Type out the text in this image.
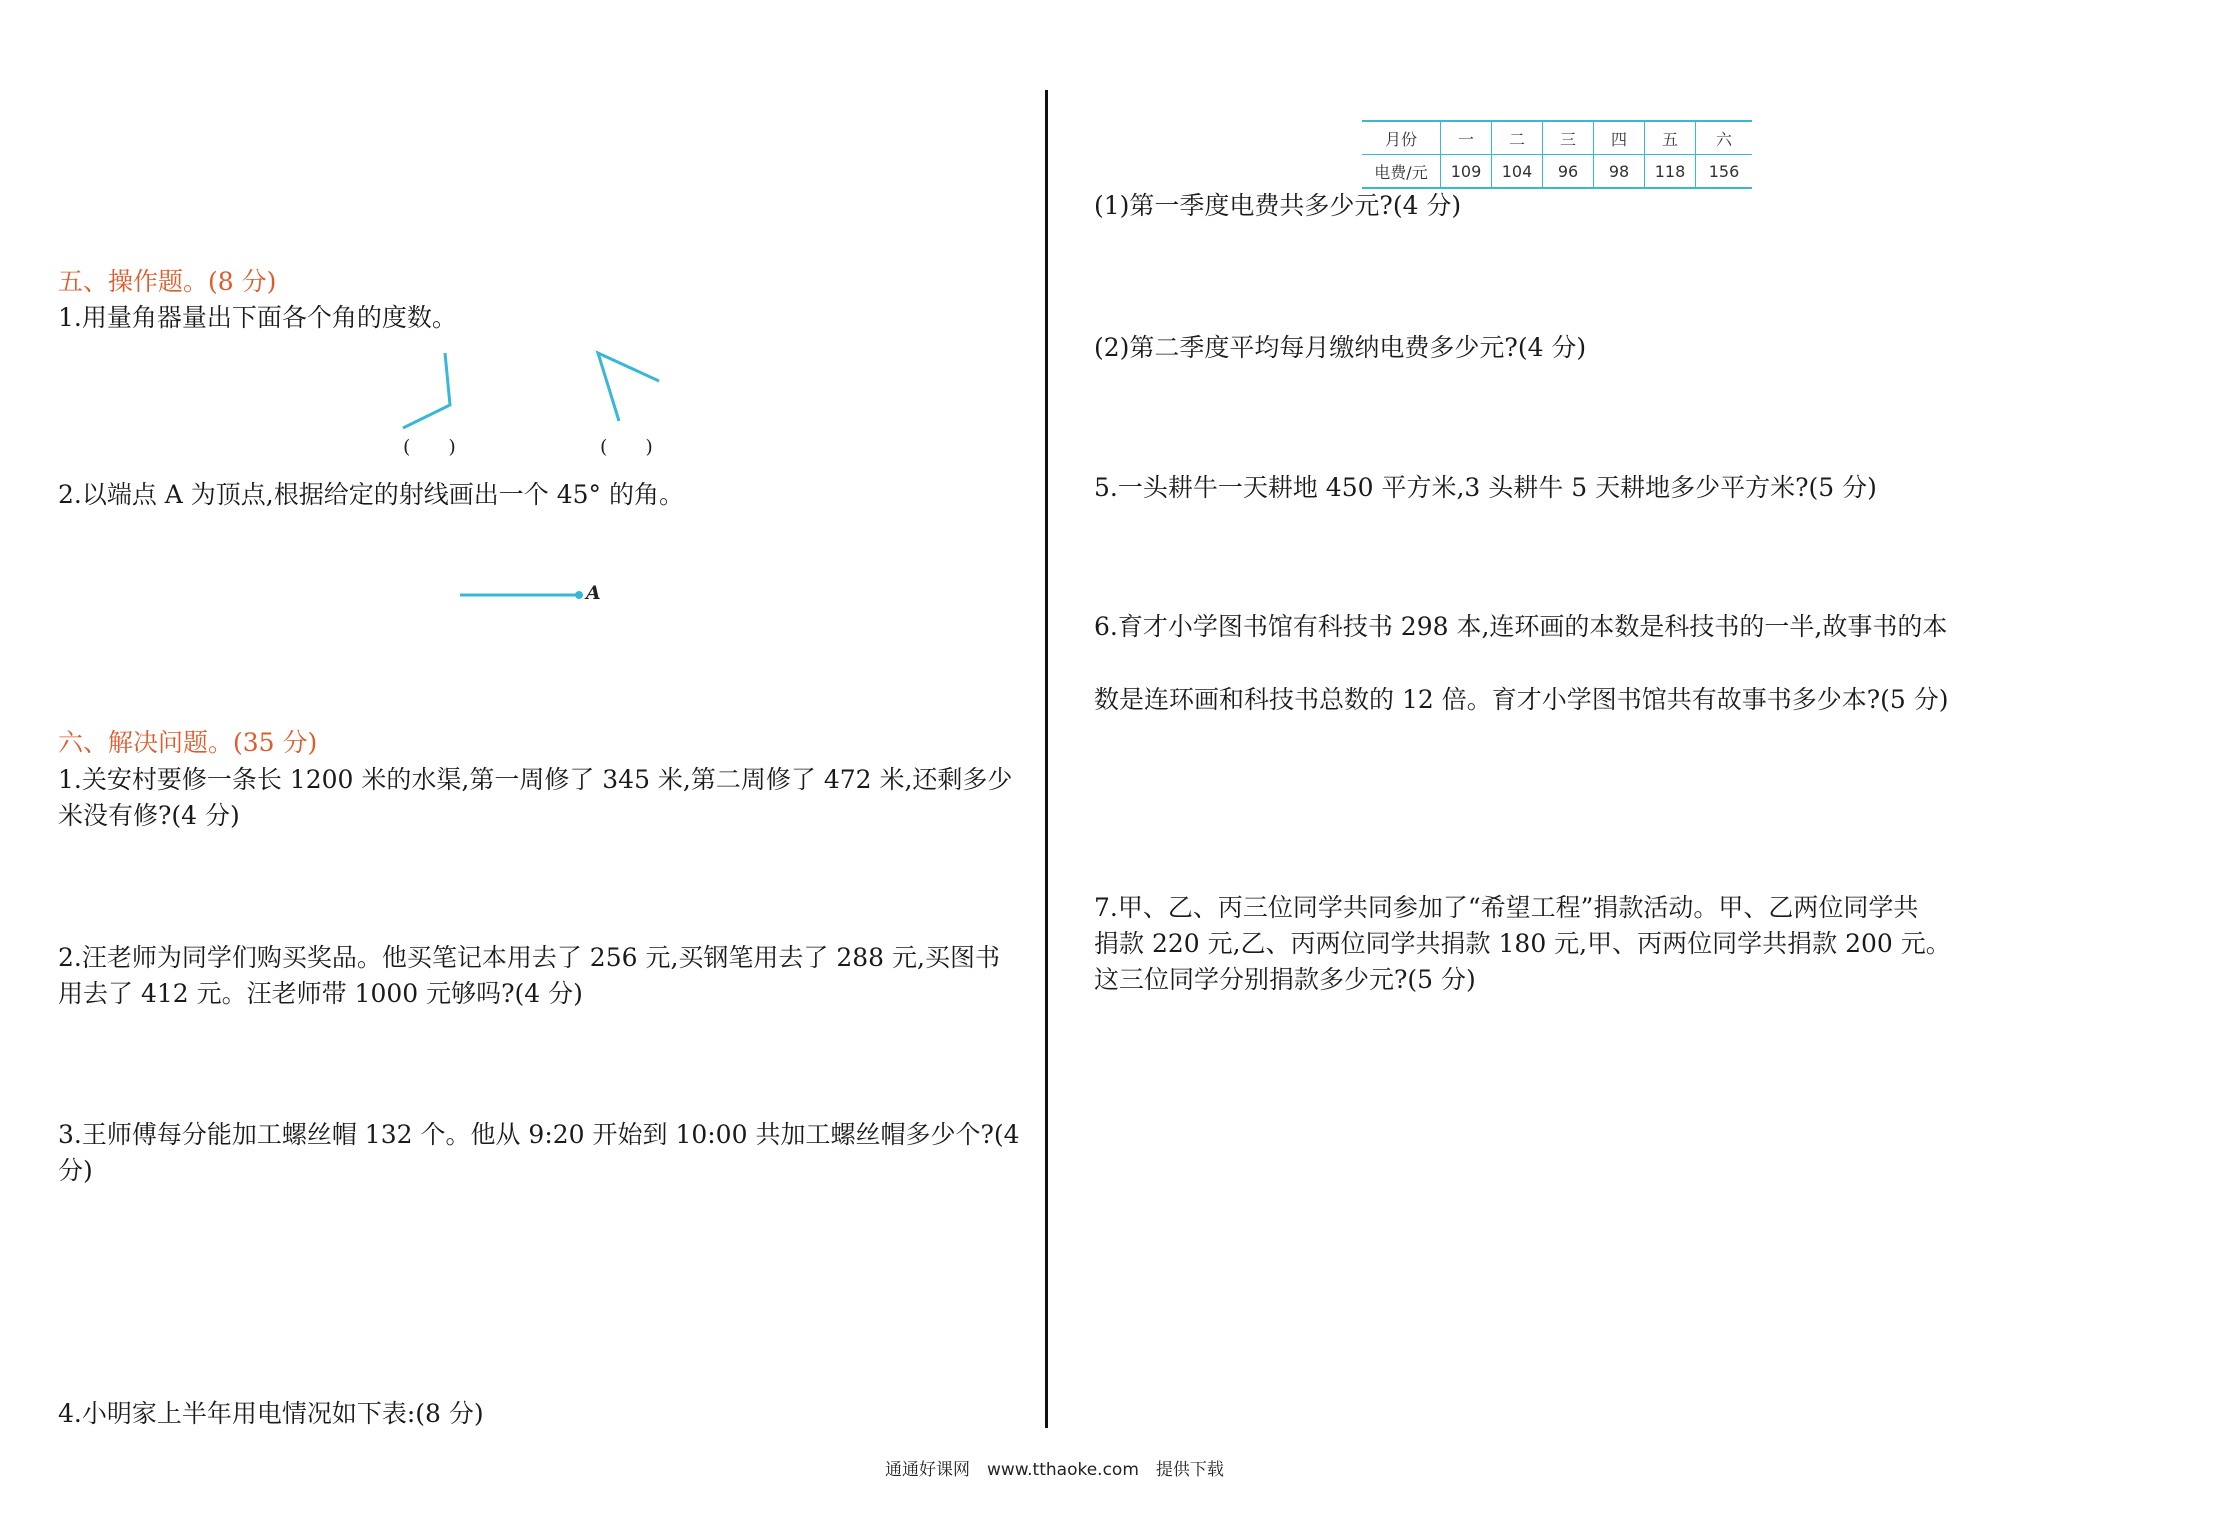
五、操作题。(8 分)
1.用量角器量出下面各个角的度数。
(　　)	(　　)
2.以端点 A 为顶点,根据给定的射线画出一个 45° 的角。
A
六、解决问题。(35 分)
1.关安村要修一条长 1200 米的水渠,第一周修了 345 米,第二周修了 472 米,还剩多少
米没有修?(4 分)
2.汪老师为同学们购买奖品。他买笔记本用去了 256 元,买钢笔用去了 288 元,买图书
用去了 412 元。汪老师带 1000 元够吗?(4 分)
3.王师傅每分能加工螺丝帽 132 个。他从 9:20 开始到 10:00 共加工螺丝帽多少个?(4
分)
4.小明家上半年用电情况如下表:(8 分)
月份	一	二	三	四	五	六
电费/元	109	104	96	98	118	156
(1)第一季度电费共多少元?(4 分)
(2)第二季度平均每月缴纳电费多少元?(4 分)
5.一头耕牛一天耕地 450 平方米,3 头耕牛 5 天耕地多少平方米?(5 分)
6.育才小学图书馆有科技书 298 本,连环画的本数是科技书的一半,故事书的本
数是连环画和科技书总数的 12 倍。育才小学图书馆共有故事书多少本?(5 分)
7.甲、乙、丙三位同学共同参加了“希望工程”捐款活动。甲、乙两位同学共
捐款 220 元,乙、丙两位同学共捐款 180 元,甲、丙两位同学共捐款 200 元。
这三位同学分别捐款多少元?(5 分)
通通好课网　www.tthaoke.com　提供下载
